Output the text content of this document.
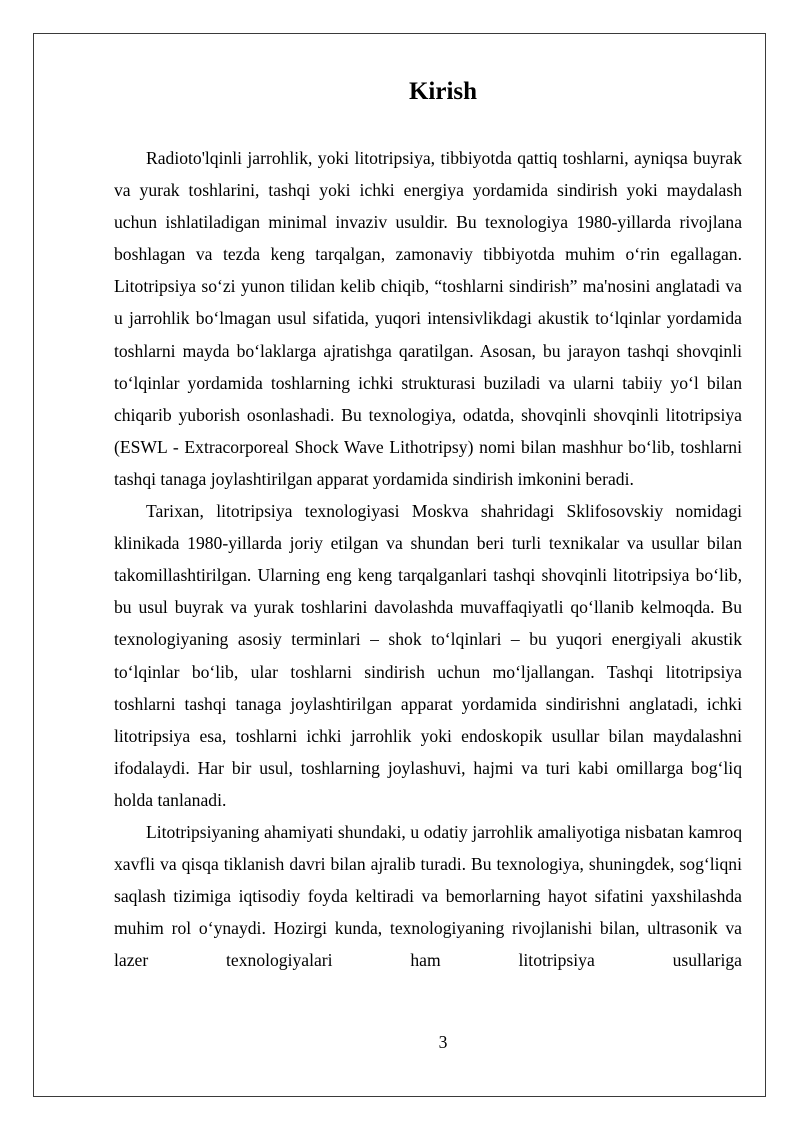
Kirish

Radioto'lqinli jarrohlik, yoki litotripsiya, tibbiyotda qattiq toshlarni, ayniqsa buyrak va yurak toshlarini, tashqi yoki ichki energiya yordamida sindirish yoki maydalash uchun ishlatiladigan minimal invaziv usuldir. Bu texnologiya 1980-yillarda rivojlana boshlagan va tezda keng tarqalgan, zamonaviy tibbiyotda muhim o‘rin egallagan. Litotripsiya so‘zi yunon tilidan kelib chiqib, “toshlarni sindirish” ma'nosini anglatadi va u jarrohlik bo‘lmagan usul sifatida, yuqori intensivlikdagi akustik to‘lqinlar yordamida toshlarni mayda bo‘laklarga ajratishga qaratilgan. Asosan, bu jarayon tashqi shovqinli to‘lqinlar yordamida toshlarning ichki strukturasi buziladi va ularni tabiiy yo‘l bilan chiqarib yuborish osonlashadi. Bu texnologiya, odatda, shovqinli shovqinli litotripsiya (ESWL - Extracorporeal Shock Wave Lithotripsy) nomi bilan mashhur bo‘lib, toshlarni tashqi tanaga joylashtirilgan apparat yordamida sindirish imkonini beradi.

Tarixan, litotripsiya texnologiyasi Moskva shahridagi Sklifosovskiy nomidagi klinikada 1980-yillarda joriy etilgan va shundan beri turli texnikalar va usullar bilan takomillashtirilgan. Ularning eng keng tarqalganlari tashqi shovqinli litotripsiya bo‘lib, bu usul buyrak va yurak toshlarini davolashda muvaffaqiyatli qo‘llanib kelmoqda. Bu texnologiyaning asosiy terminlari – shok to‘lqinlari – bu yuqori energiyali akustik to‘lqinlar bo‘lib, ular toshlarni sindirish uchun mo‘ljallangan. Tashqi litotripsiya toshlarni tashqi tanaga joylashtirilgan apparat yordamida sindirishni anglatadi, ichki litotripsiya esa, toshlarni ichki jarrohlik yoki endoskopik usullar bilan maydalashni ifodalaydi. Har bir usul, toshlarning joylashuvi, hajmi va turi kabi omillarga bog‘liq holda tanlanadi.

Litotripsiyaning ahamiyati shundaki, u odatiy jarrohlik amaliyotiga nisbatan kamroq xavfli va qisqa tiklanish davri bilan ajralib turadi. Bu texnologiya, shuningdek, sog‘liqni saqlash tizimiga iqtisodiy foyda keltiradi va bemorlarning hayot sifatini yaxshilashda muhim rol o‘ynaydi. Hozirgi kunda, texnologiyaning rivojlanishi bilan, ultrasonik va lazer texnologiyalari ham litotripsiya usullariga

3
